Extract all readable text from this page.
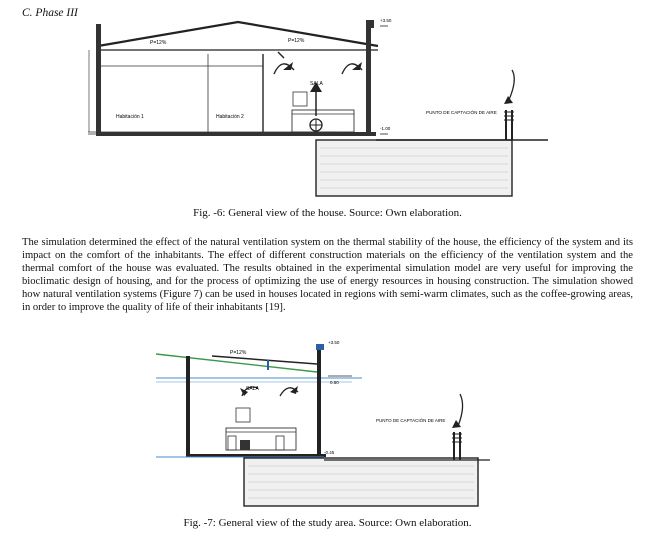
C. Phase III
P=12%	P=12%
Habitación 1	Habitación 2
SALA
PUNTO DE CAPTACIÓN DE AIRE
+3.50
-1.00
Fig. -6: General view of the house. Source: Own elaboration.
The simulation determined the effect of the natural ventilation system on the thermal stability of the house, the efficiency of the system and its impact on the comfort of the inhabitants. The effect of different construction materials on the efficiency of the ventilation system and the thermal comfort of the house was evaluated. The results obtained in the experimental simulation model are very useful for improving the bioclimatic design of housing, and for the process of optimizing the use of energy resources in housing construction. The simulation showed how natural ventilation systems (Figure 7) can be used in houses located in regions with semi-warm climates, such as the coffee-growing areas, in order to improve the quality of life of their inhabitants [19].
P=12%
SALA
PUNTO DE CAPTACIÓN DE AIRE
+3.50
0.50
-0.45
Fig. -7: General view of the study area. Source: Own elaboration.
